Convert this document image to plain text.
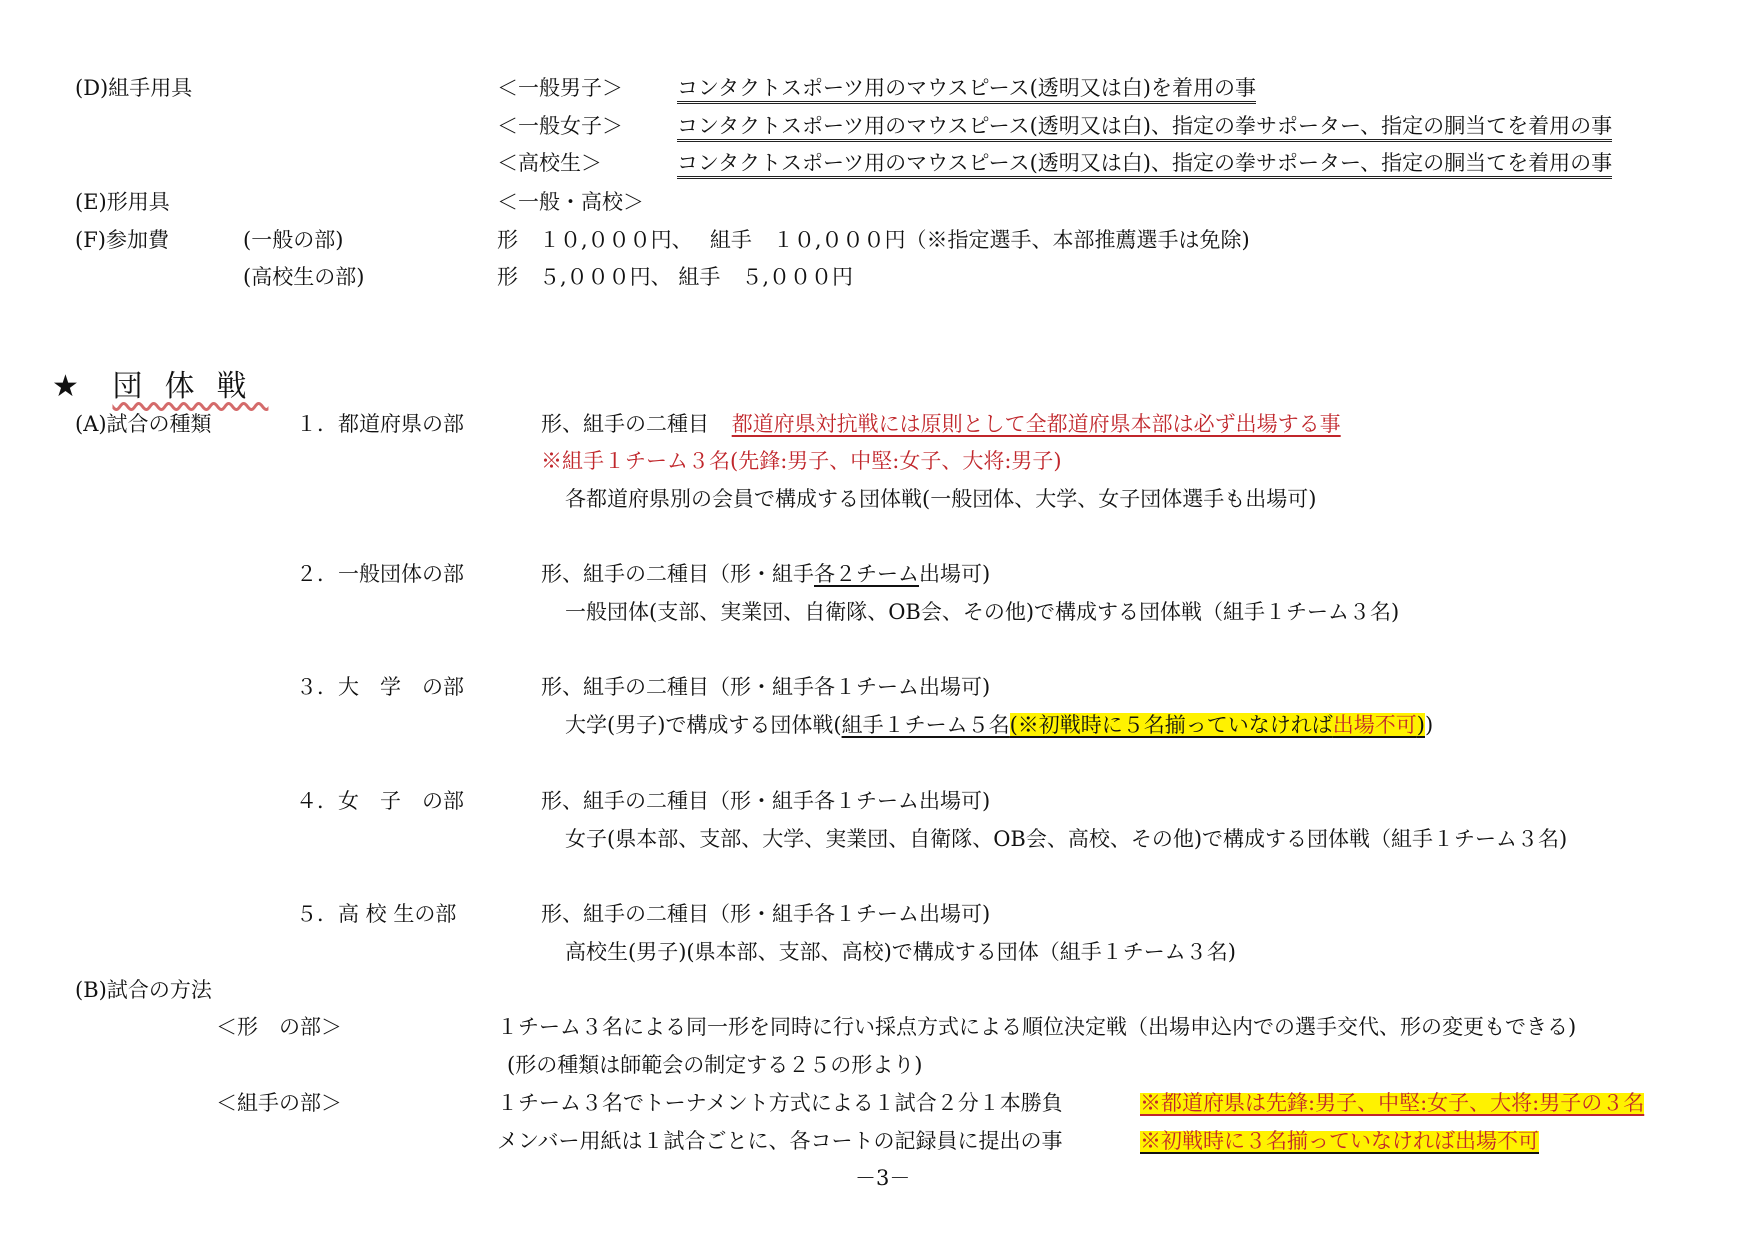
(D)組手用具	＜一般男子＞	コンタクトスポーツ用のマウスピース(透明又は白)を着用の事
＜一般女子＞	コンタクトスポーツ用のマウスピース(透明又は白)、指定の拳サポーター、指定の胴当てを着用の事
＜高校生＞	コンタクトスポーツ用のマウスピース(透明又は白)、指定の拳サポーター、指定の胴当てを着用の事
(E)形用具	＜一般・高校＞
(F)参加費	(一般の部)	形　１０,０００円、　 組手　１０,０００円（※指定選手、本部推薦選手は免除)
(高校生の部)	形　５,０００円、 組手　５,０００円
★ 団体戦
(A)試合の種類	１．都道府県の部	形、組手の二種目 都道府県対抗戦には原則として全都道府県本部は必ず出場する事
※組手１チーム３名(先鋒:男子、中堅:女子、大将:男子)
各都道府県別の会員で構成する団体戦(一般団体、大学、女子団体選手も出場可)
２．一般団体の部	形、組手の二種目（形・組手各２チーム出場可)
一般団体(支部、実業団、自衛隊、OB会、その他)で構成する団体戦（組手１チーム３名)
３．大　学　の部	形、組手の二種目（形・組手各１チーム出場可)
大学(男子)で構成する団体戦(組手１チーム５名(※初戦時に５名揃っていなければ出場不可))
４．女　子　の部	形、組手の二種目（形・組手各１チーム出場可)
女子(県本部、支部、大学、実業団、自衛隊、OB会、高校、その他)で構成する団体戦（組手１チーム３名)
５．高 校 生の部	形、組手の二種目（形・組手各１チーム出場可)
高校生(男子)(県本部、支部、高校)で構成する団体（組手１チーム３名)
(B)試合の方法
＜形　の部＞	１チーム３名による同一形を同時に行い採点方式による順位決定戦（出場申込内での選手交代、形の変更もできる)
(形の種類は師範会の制定する２５の形より)
＜組手の部＞	１チーム３名でトーナメント方式による１試合２分１本勝負	※都道府県は先鋒:男子、中堅:女子、大将:男子の３名
メンバー用紙は１試合ごとに、各コートの記録員に提出の事	※初戦時に３名揃っていなければ出場不可
－3－
